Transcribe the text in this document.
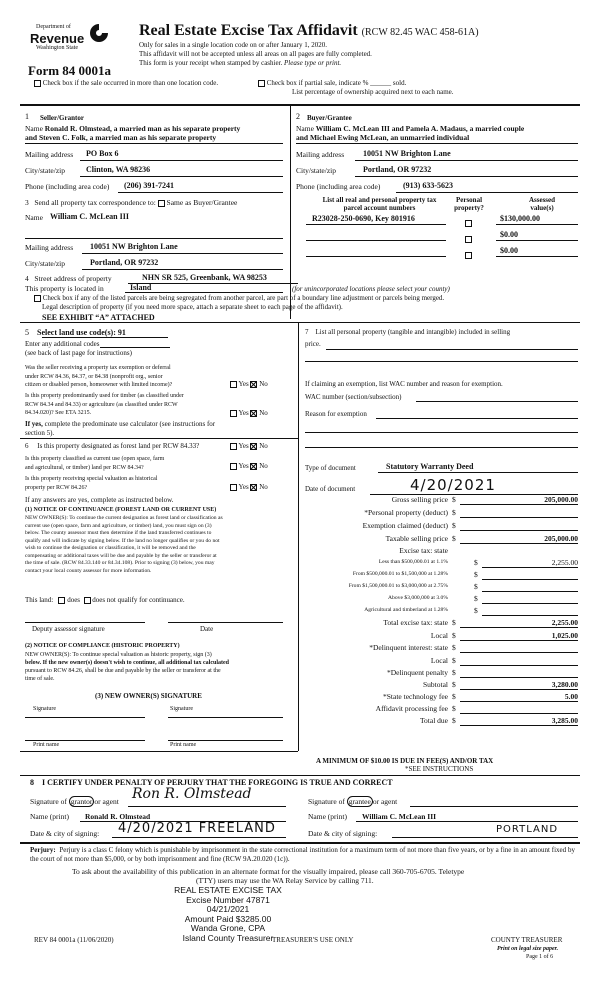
Department of
Revenue
Washington State
Form 84 0001a
Real Estate Excise Tax Affidavit (RCW 82.45 WAC 458-61A)
Only for sales in a single location code on or after January 1, 2020.
This affidavit will not be accepted unless all areas on all pages are fully completed.
This form is your receipt when stamped by cashier. Please type or print.
Check box if the sale occurred in more than one location code.	Check box if partial sale, indicate % ______ sold.
List percentage of ownership acquired next to each name.
1 Seller/Grantor
Name Ronald R. Olmstead, a married man as his separate property
and Steven C. Folk, a married man as his separate property
Mailing address PO Box 6
City/state/zip	Clinton, WA 98236
Phone (including area code) (206) 391-7241
2 Buyer/Grantee
Name William C. McLean III and Pamela A. Madaus, a married couple
and Michael Ewing McLean, an unmarried individual
Mailing address 10051 NW Brighton Lane
City/state/zip	Portland, OR 97232
Phone (including area code)	(913) 633-5623
3 Send all property tax correspondence to: Same as Buyer/Grantee
Name William C. McLean III
Mailing address 10051 NW Brighton Lane
City/state/zip	Portland, OR 97232
List all real and personal property tax
parcel account numbers
Personal
property?
Assessed
value(s)
R23028-250-0690, Key 801916	$130,000.00
$0.00
$0.00
4 Street address of property	NHN SR 525, Greenbank, WA 98253
This property is located in	Island	(for unincorporated locations please select your county)
Check box if any of the listed parcels are being segregated from another parcel, are part of a boundary line adjustment or parcels being merged.
Legal description of property (if you need more space, attach a separate sheet to each page of the affidavit).
SEE EXHIBIT “A” ATTACHED
5 Select land use code(s): 91
Enter any additional codes
(see back of last page for instructions)
Was the seller receiving a property tax exemption or deferral
under RCW 84.36, 84.37, or 84.38 (nonprofit org., senior
citizen or disabled person, homeowner with limited income)?	Yes No
Is this property predominantly used for timber (as classified under
RCW 84.34 and 84.33) or agriculture (as classified under RCW
84.34.020)? See ETA 3215.	Yes No
If yes, complete the predominate use calculator (see instructions for
section 5).
6 Is this property designated as forest land per RCW 84.33?	Yes No
Is this property classified as current use (open space, farm
and agricultural, or timber) land per RCW 84.34?	Yes No
Is this property receiving special valuation as historical
property per RCW 84.26?	Yes No
If any answers are yes, complete as instructed below.
(1) NOTICE OF CONTINUANCE (FOREST LAND OR CURRENT USE)
NEW OWNER(S): To continue the current designation as forest land or classification as
current use (open space, farm and agriculture, or timber) land, you must sign on (3)
below. The county assessor must then determine if the land transferred continues to
qualify and will indicate by signing below. If the land no longer qualifies or you do not
wish to continue the designation or classification, it will be removed and the
compensating or additional taxes will be due and payable by the seller or transferor at
the time of sale. (RCW 84.33.140 or 84.34.108). Prior to signing (3) below, you may
contact your local county assessor for more information.
This land: does does not qualify for continuance.
Deputy assessor signature	Date
(2) NOTICE OF COMPLIANCE (HISTORIC PROPERTY)
NEW OWNER(S): To continue special valuation as historic property, sign (3)
below. If the new owner(s) doesn't wish to continue, all additional tax calculated
pursuant to RCW 84.26, shall be due and payable by the seller or transferor at the
time of sale.
(3) NEW OWNER(S) SIGNATURE
Signature	Signature
Print name	Print name
7 List all personal property (tangible and intangible) included in selling
price.
If claiming an exemption, list WAC number and reason for exemption.
WAC number (section/subsection)
Reason for exemption
Type of document	Statutory Warranty Deed
Date of document	4/20/2021
Gross selling price $	205,000.00
*Personal property (deduct) $
Exemption claimed (deduct) $
Taxable selling price $	205,000.00
Excise tax: state
Less than $500,000.01 at 1.1%	$	2,255.00
From $500,000.01 to $1,500,000 at 1.28%	$
From $1,500,000.01 to $3,000,000 at 2.75%	$
Above $3,000,000 at 3.0%	$
Agricultural and timberland at 1.28%	$
Total excise tax: state $	2,255.00
Local $	1,025.00
*Delinquent interest: state $
Local $
*Delinquent penalty $
Subtotal $	3,280.00
*State technology fee $	5.00
Affidavit processing fee $
Total due $	3,285.00
A MINIMUM OF $10.00 IS DUE IN FEE(S) AND/OR TAX
*SEE INSTRUCTIONS
8 I CERTIFY UNDER PENALTY OF PERJURY THAT THE FOREGOING IS TRUE AND CORRECT
Signature of grantor or agent Ron R. Olmstead
Name (print) Ronald R. Olmstead
Date & city of signing: 4/20/2021 FREELAND
Signature of grantee or agent
Name (print) William C. McLean III
Date & city of signing:	PORTLAND
Perjury: Perjury is a class C felony which is punishable by imprisonment in the state correctional institution for a maximum term of not more than five years, or by a fine in an amount fixed by the court of not more than $5,000, or by both imprisonment and fine (RCW 9A.20.020 (1c)).
To ask about the availability of this publication in an alternate format for the visually impaired, please call 360-705-6705. Teletype
(TTY) users may use the WA Relay Service by calling 711.
REAL ESTATE EXCISE TAX
Excise Number 47871
04/21/2021
Amount Paid $3285.00
Wanda Grone, CPA
Island County Treasurer
REV 84 0001a (11/06/2020)	TREASURER'S USE ONLY	COUNTY TREASURER
Print on legal size paper.
Page 1 of 6
